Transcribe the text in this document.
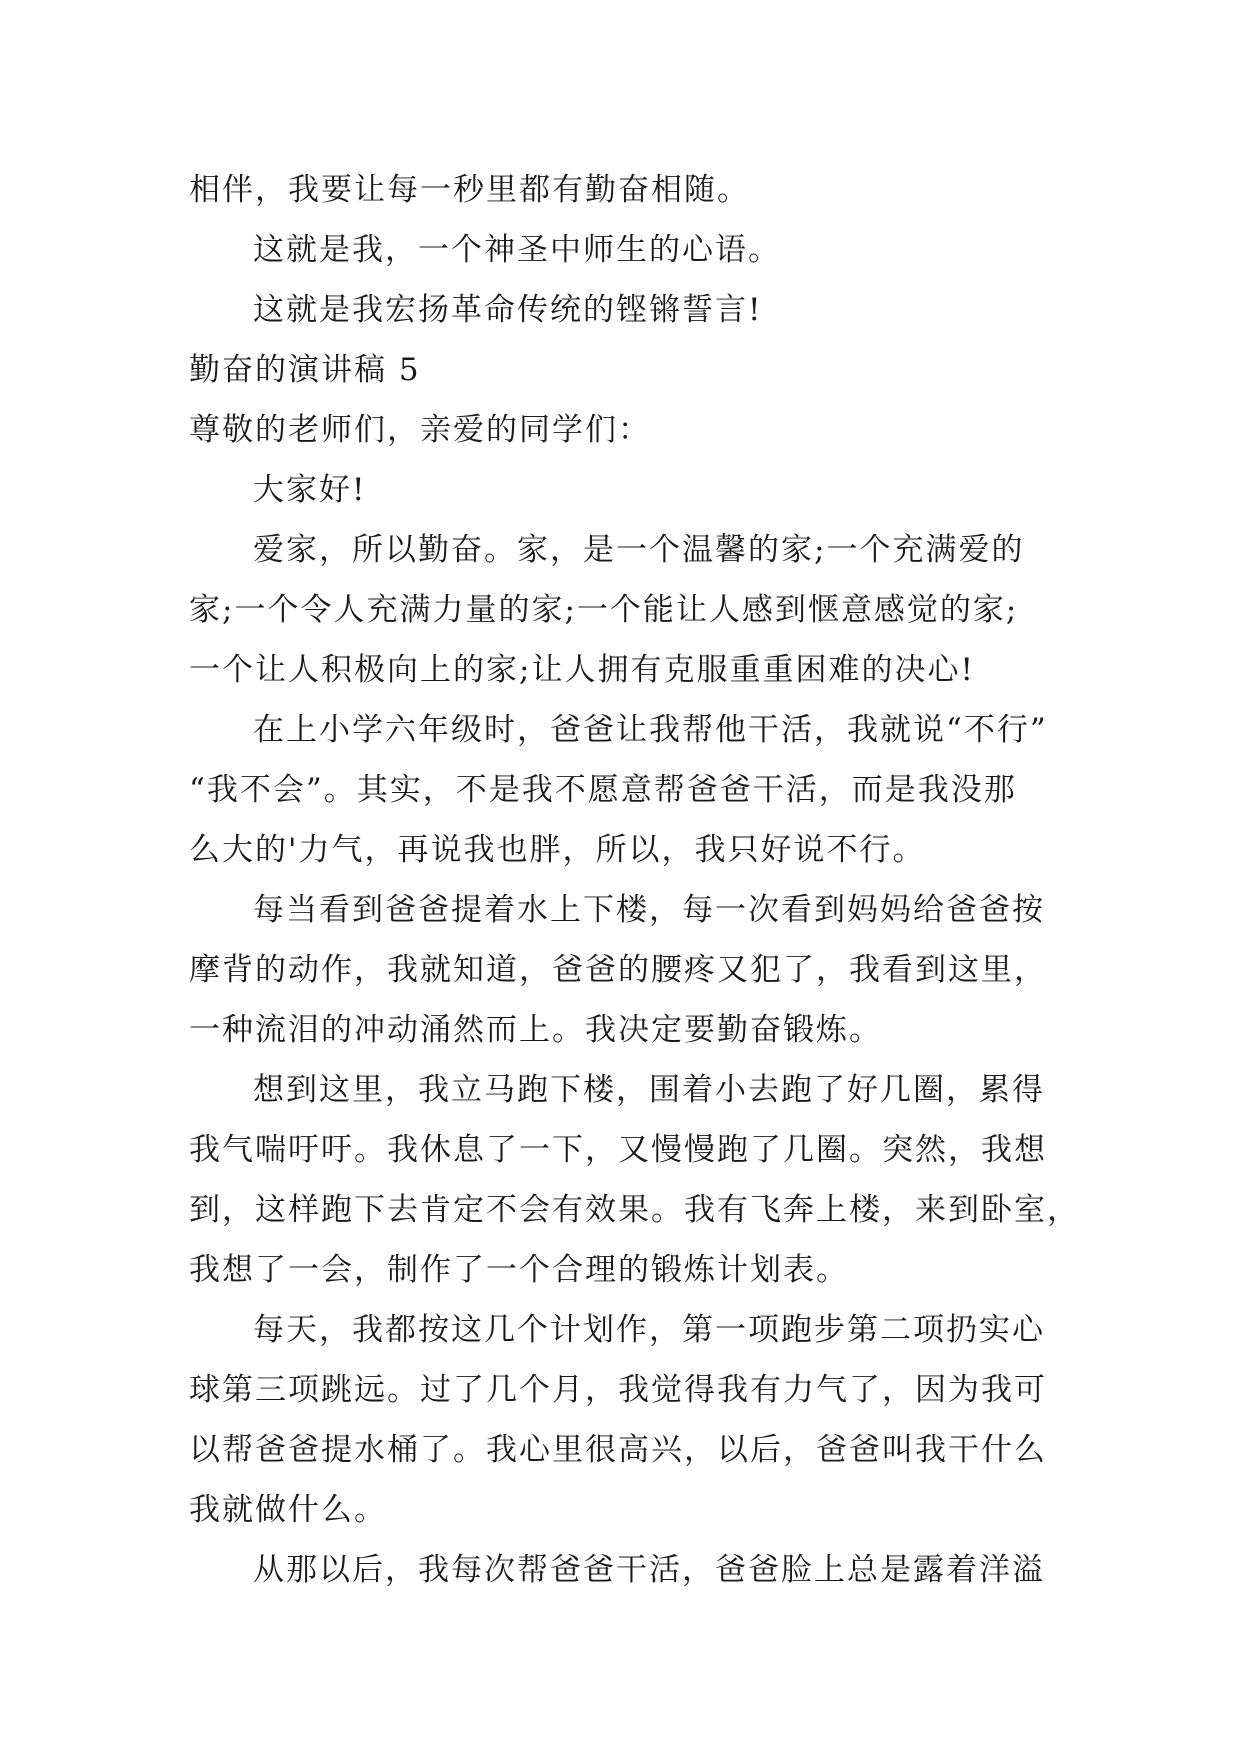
相伴，我要让每一秒里都有勤奋相随。
这就是我，一个神圣中师生的心语。
这就是我宏扬革命传统的铿锵誓言!
勤奋的演讲稿 5
尊敬的老师们，亲爱的同学们：
大家好!
爱家，所以勤奋。家，是一个温馨的家;一个充满爱的
家;一个令人充满力量的家;一个能让人感到惬意感觉的家;
一个让人积极向上的家;让人拥有克服重重困难的决心!
在上小学六年级时，爸爸让我帮他干活，我就说“不行”
“我不会”。其实，不是我不愿意帮爸爸干活，而是我没那
么大的'力气，再说我也胖，所以，我只好说不行。
每当看到爸爸提着水上下楼，每一次看到妈妈给爸爸按
摩背的动作，我就知道，爸爸的腰疼又犯了，我看到这里，
一种流泪的冲动涌然而上。我决定要勤奋锻炼。
想到这里，我立马跑下楼，围着小去跑了好几圈，累得
我气喘吁吁。我休息了一下，又慢慢跑了几圈。突然，我想
到，这样跑下去肯定不会有效果。我有飞奔上楼，来到卧室，
我想了一会，制作了一个合理的锻炼计划表。
每天，我都按这几个计划作，第一项跑步第二项扔实心
球第三项跳远。过了几个月，我觉得我有力气了，因为我可
以帮爸爸提水桶了。我心里很高兴，以后，爸爸叫我干什么
我就做什么。
从那以后，我每次帮爸爸干活，爸爸脸上总是露着洋溢
